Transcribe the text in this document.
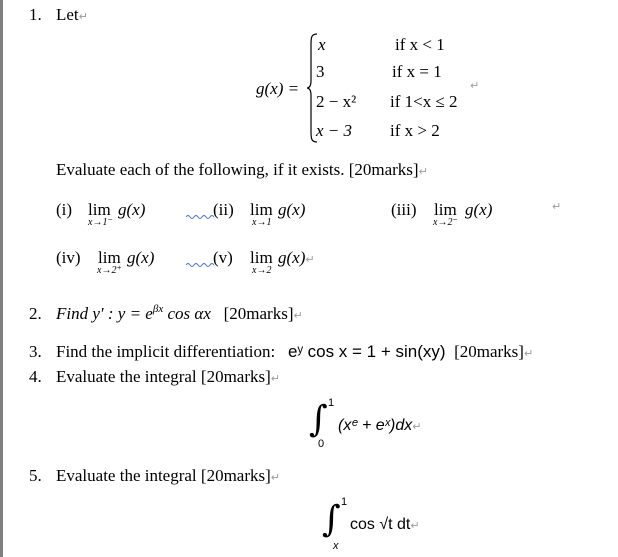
1. Let↵
g(x) =
x	if x < 1
3	if x = 1
2 − x² if 1<x ≤ 2
↵
x − 3 if x > 2
Evaluate each of the following, if it exists. [20marks]↵
(i) lim g(x)
x→1⁻
(ii) lim g(x)
x→1
(iii) lim g(x)
x→2⁻
↵
(iv) lim g(x)
x→2⁺
(v) lim g(x)↵
x→2
2. Find y′ : $y = e^{\beta x}$ cos αx [20marks]↵
3. Find the implicit differentiation: eʸ cos x = 1 + sin(xy) [20marks]↵
4. Evaluate the integral [20marks]↵
∫ 1
0
(xᵉ + eˣ)dx↵
5. Evaluate the integral [20marks]↵
∫ 1
x
cos √t dt↵
